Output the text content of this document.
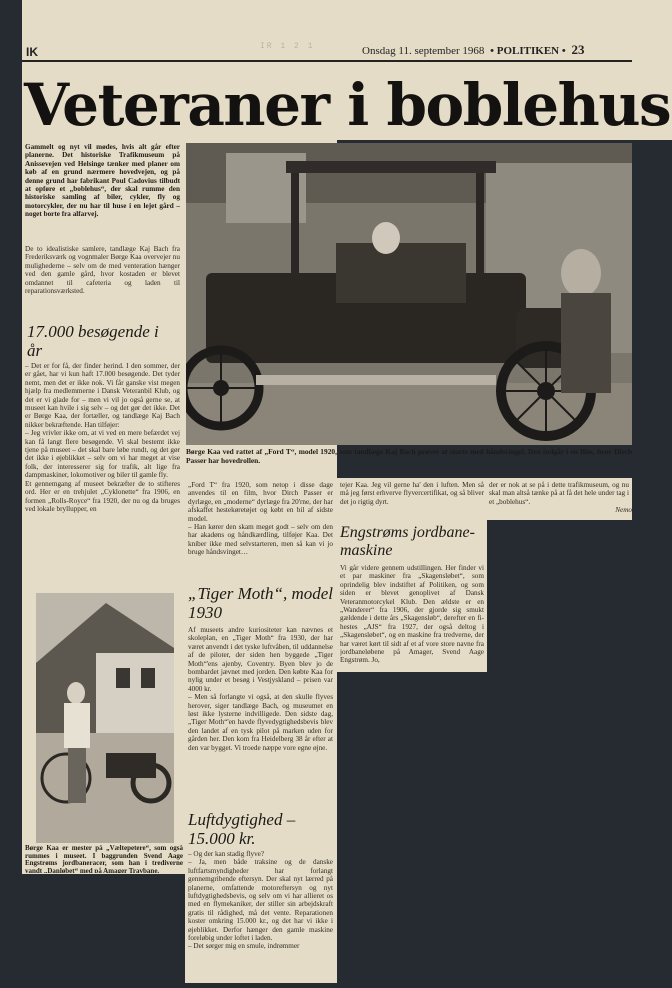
IK	IR 1 2 1	Onsdag 11. september 1968 • POLITIKEN • 23
Veteraner i boblehus
Børge Kaa ved rattet af „Ford T“, model 1920, som tandlæge Kaj Bach prøver at starte med håndsvingel. Den indgår i en film, hvor Dirch Passer har hovedrollen.
Gammelt og nyt vil mødes, hvis alt går efter planerne. Det historiske Trafikmuseum på Anissevejen ved Helsinge tænker med planer om køb af en grund nærmere hovedvejen, og på denne grund har fabrikant Poul Cadovius tilbudt at opføre et „boblehus“, der skal rumme den historiske samling af biler, cykler, fly og motorcykler, der nu har til huse i en lejet gård – noget borte fra alfarvej.
De to idealistiske samlere, tandlæge Kaj Bach fra Frederiksværk og vognmaler Børge Kaa overvejer nu mulighederne – selv om de med venteration hænger ved den gamle gård, hvor kostaden er blevet omdannet til cafeteria og laden til reparationsværksted.
17.000 besøgende i år
– Det er for få, der finder herind. I den sommer, der er gået, har vi kun haft 17.000 besøgende. Det tyder nemt, men det er ikke nok. Vi får ganske vist megen hjælp fra medlemmerne i Dansk Veteranbil Klub, og det er vi glade for – men vi vil jo også gerne se, at museet kan hvile i sig selv – og det gør det ikke. Det er Børge Kaa, der fortæller, og tandlæge Kaj Bach nikker bekræftende. Han tilføjer:
– Jeg vrivler ikke om, at vi ved en mere befærdet vej kan få langt flere besøgende. Vi skal bestemt ikke tjene på museet – det skal bare løbe rundt, og det gør det ikke i øjeblikket – selv om vi har meget at vise folk, der interesserer sig for trafik, alt lige fra dampmaskiner, lokomotiver og biler til gamle fly.
Et gennemgang af museet bekræfter de to stifteres ord. Her er en trehjulet „Cyklonette“ fra 1906, en formen „Rolls-Royce“ fra 1920, der nu og da bruges ved lokale bryllupper, en
Børge Kaa er mester på „Væltepetere“, som også rummes i museet. I baggrunden Svend Aage Engstrøms jordbaneracer, som han i trediverne vandt „Danløbet“ med på Amager Travbane.
„Ford T“ fra 1920, som netop i disse dage anvendes til en film, hvor Dirch Passer er dyrlæge, en „moderne“ dyrlæge fra 20'rne, der har afskaffet hestekøretøjet og købt en bil af sidste model.
– Han kører den skam meget godt – selv om den har akadøns og håndkærdling, tilføjer Kaa. Det kniber ikke med selvstarteren, men så kan vi jo bruge håndsvinget…
„Tiger Moth“, model 1930
Af museets andre kuriositeter kan nævnes et skoleplan, en „Tiger Moth“ fra 1930, der har været anvendt i det tyske luftvåben, til uddannelse af de piloter, der siden hen byggede „Tiger Moth“'ens ajenby, Coventry. Byen blev jo de bombardet jævnet med jorden. Den købte Kaa for nylig under et besøg i Vestjyskland – prisen var 4000 kr.
– Men så forlangte vi også, at den skulle flyves herover, siger tandlæge Bach, og museumet en løst ikke lysterne indvilligede. Den sidste dag, „Tiger Moth“'en havde flyvedygtighedsbevis blev den landet af en tysk pilot på marken uden for gården her. Den kom fra Heidelberg 38 år efter at den var bygget. Vi troede næppe vore egne øjne.
Luftdygtighed – 15.000 kr.
– Og der kan stadig flyve?
– Ja, men både traksine og de danske luftfartsmyndigheder har forlangt gennemgribende eftersyn. Der skal nyt lærred på planerne, omfattende motoreftersyn og nyt luftdygtighedsbevis, og selv om vi har allieret os med en flymekaniker, der stiller sin arbejdskraft gratis til rådighed, må det vente. Reparationen koster omkring 15.000 kr., og det har vi ikke i øjeblikket. Derfor hænger den gamle maskine foreløbig under loftet i laden.
– Det sørger mig en smule, indrømmer
tejer Kaa. Jeg vil gerne ha' den i luften. Men så må jeg først erhverve flyvercertifikat, og så bliver det jo rigtig dyrt.
Engstrøms jordbane-maskine
Vi går videre gennem udstillingen. Her finder vi et par maskiner fra „Skagensløbet“, som oprindelig blev indstiftet af Politiken, og som siden er blevet genoplivet af Dansk Veteranmotorcykel Klub. Den ældste er en „Wanderer“ fra 1906, der gjorde sig smukt gældende i dette års „Skagensløb“, derefter en fi-hestes „AJS“ fra 1927, der også deltog i „Skagensløbet“, og en maskine fra tredverne, der har været kørt til sidt af et af vore store navne fra jordbaneløbene på Amager, Svend Aage Engstrøm. Jo,
der er nok at se på i dette trafikmuseum, og nu skal man altså tænke på at få det hele under tag i et „boblehus“.
Nemo
